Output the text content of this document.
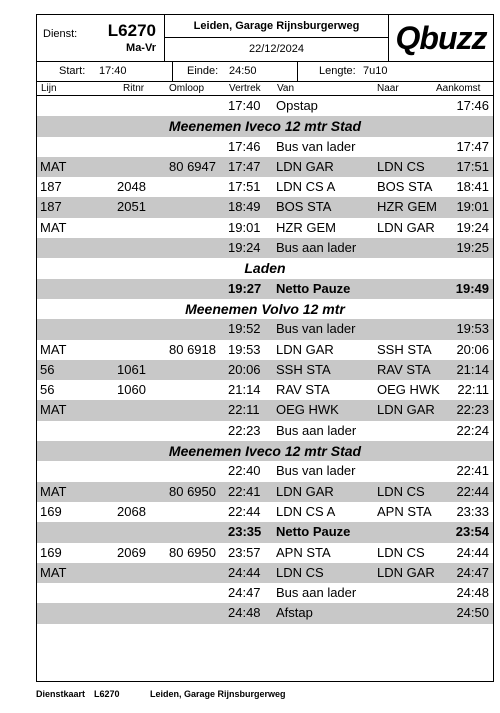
Dienst: L6270
Ma-Vr
Leiden, Garage Rijnsburgerweg
22/12/2024	Qbuzz
Start: 17:40	Einde: 24:50	Lengte: 7u10
Lijn	Ritnr Omloop Vertrek Van	Naar	Aankomst
17:40 Opstap	17:46
Meenemen Iveco 12 mtr Stad
17:46 Bus van lader	17:47
MAT	80 6947 17:47 LDN GAR	LDN CS 17:51
187	2048	17:51 LDN CS A	BOS STA 18:41
187	2051	18:49 BOS STA	HZR GEM 19:01
MAT	19:01 HZR GEM	LDN GAR 19:24
19:24 Bus aan lader	19:25
Laden
19:27 Netto Pauze	19:49
Meenemen Volvo 12 mtr
19:52 Bus van lader	19:53
MAT	80 6918 19:53 LDN GAR	SSH STA 20:06
56	1061	20:06 SSH STA	RAV STA 21:14
56	1060	21:14 RAV STA	OEG HWK 22:11
MAT	22:11 OEG HWK	LDN GAR 22:23
22:23 Bus aan lader	22:24
Meenemen Iveco 12 mtr Stad
22:40 Bus van lader	22:41
MAT	80 6950 22:41 LDN GAR	LDN CS 22:44
169	2068	22:44 LDN CS A	APN STA 23:33
23:35 Netto Pauze	23:54
169	2069 80 6950 23:57 APN STA	LDN CS 24:44
MAT	24:44 LDN CS	LDN GAR 24:47
24:47 Bus aan lader	24:48
24:48 Afstap	24:50
Dienstkaart L6270	Leiden, Garage Rijnsburgerweg
